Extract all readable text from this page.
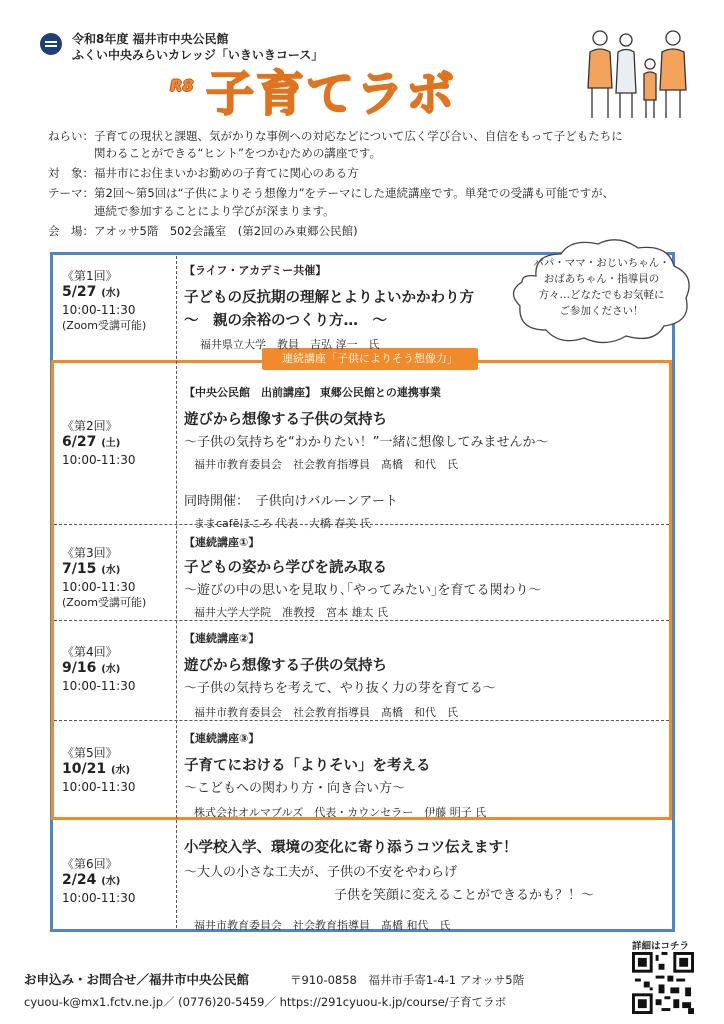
令和8年度 福井市中央公民館
ふくい中央みらいカレッジ「いきいきコース」
R8 子育てラボ
ねらい：子育ての現状と課題、気がかりな事例への対応などについて広く学び合い、自信をもって子どもたちに
関わることができる“ヒント”をつかむための講座です。
対　象：福井市にお住まいかお勤めの子育てに関心のある方
テーマ：第2回～第5回は“子供によりそう想像力”をテーマにした連続講座です。単発での受講も可能ですが、
連続で参加することにより学びが深まります。
会　場：アオッサ5階　502会議室　(第2回のみ東郷公民館)
連続講座「子供によりそう想像力」
パパ・ママ・おじいちゃん・
おばあちゃん・指導員の
方々…どなたでもお気軽に
ご参加ください！
《第1回》
5/27 (水)
10:00-11:30
(Zoom受講可能)
【ライフ・アカデミー共催】
子どもの反抗期の理解とよりよいかかわり方
～　親の余裕のつくり方…　～
福井県立大学　教員　吉弘 淳一　氏
《第2回》
6/27 (土)
10:00-11:30
【中央公民館　出前講座】 東郷公民館との連携事業
遊びから想像する子供の気持ち
～子供の気持ちを“わかりたい！”一緒に想像してみませんか～
福井市教育委員会　社会教育指導員　髙橋　和代　氏
同時開催：　子供向けバルーンアート
ままcafēほころ 代表　大橋 春美 氏
《第3回》
7/15 (水)
10:00-11:30
(Zoom受講可能)
【連続講座①】
子どもの姿から学びを読み取る
～遊びの中の思いを見取り､｢やってみたい｣を育てる関わり～
福井大学大学院　准教授　宮本 雄太 氏
《第4回》
9/16 (水)
10:00-11:30
【連続講座②】
遊びから想像する子供の気持ち
～子供の気持ちを考えて、やり抜く力の芽を育てる～
福井市教育委員会　社会教育指導員　髙橋　和代　氏
《第5回》
10/21 (水)
10:00-11:30
【連続講座③】
子育てにおける「よりそい」を考える
～こどもへの関わり方・向き合い方～
株式会社オルマブルズ　代表・カウンセラー　伊藤 明子 氏
《第6回》
2/24 (水)
10:00-11:30
小学校入学、環境の変化に寄り添うコツ伝えます！
～大人の小さな工夫が、子供の不安をやわらげ
子供を笑顔に変えることができるかも？！～
福井市教育委員会　社会教育指導員　髙橋 和代　氏
詳細はコチラ
お申込み・お問合せ／福井市中央公民館	〒910-0858　福井市手寄1-4-1 アオッサ5階
cyuou-k@mx1.fctv.ne.jp／ (0776)20-5459／ https://291cyuou-k.jp/course/子育てラボ
